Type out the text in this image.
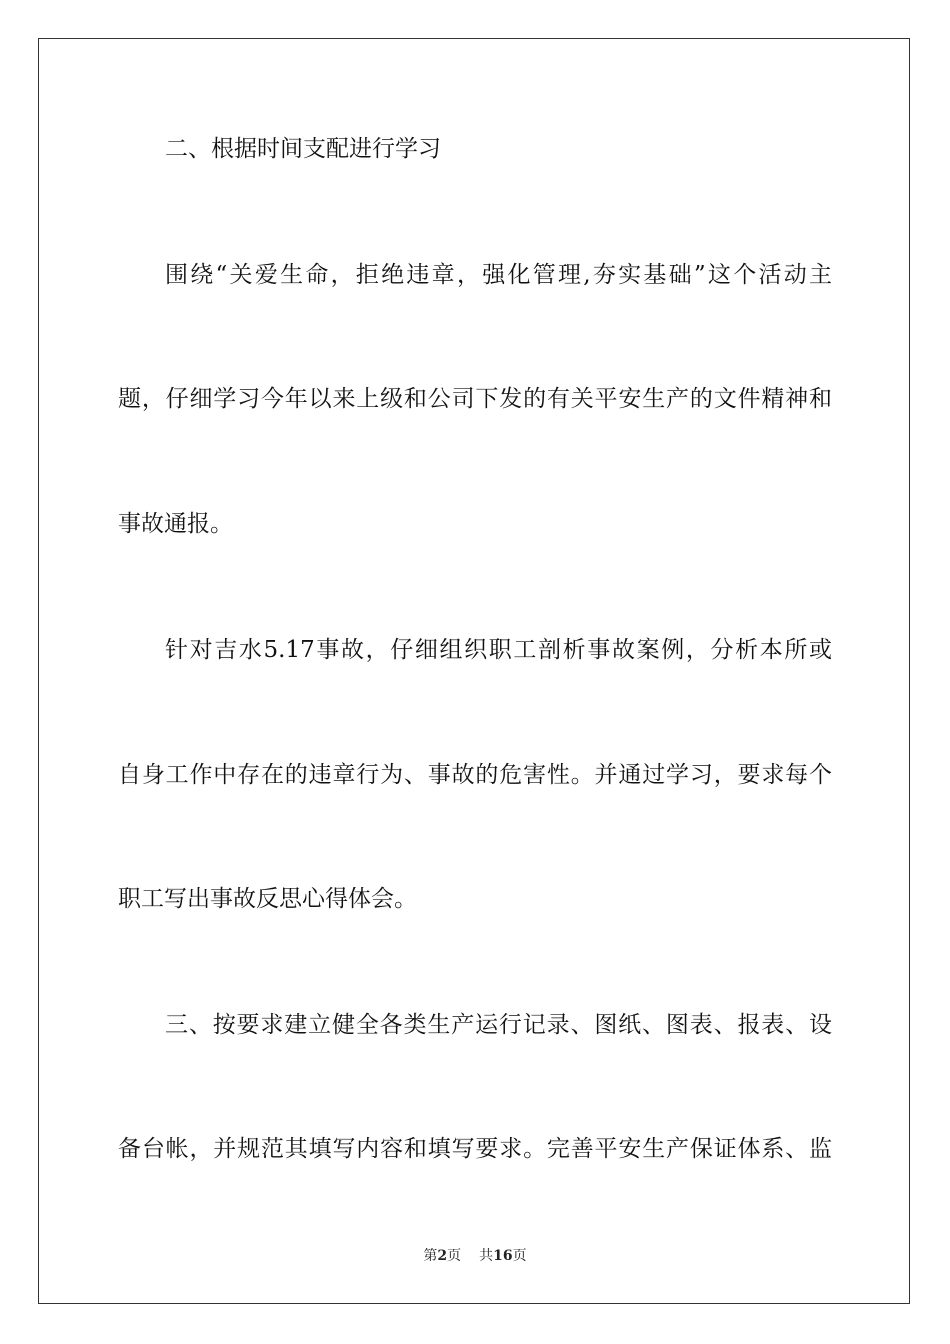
二、根据时间支配进行学习
围绕“关爱生命，拒绝违章，强化管理,夯实基础”这个活动主
题，仔细学习今年以来上级和公司下发的有关平安生产的文件精神和
事故通报。
针对吉水5.17事故，仔细组织职工剖析事故案例，分析本所或
自身工作中存在的违章行为、事故的危害性。并通过学习，要求每个
职工写出事故反思心得体会。
三、按要求建立健全各类生产运行记录、图纸、图表、报表、设
备台帐，并规范其填写内容和填写要求。完善平安生产保证体系、监
第2页 共16页
